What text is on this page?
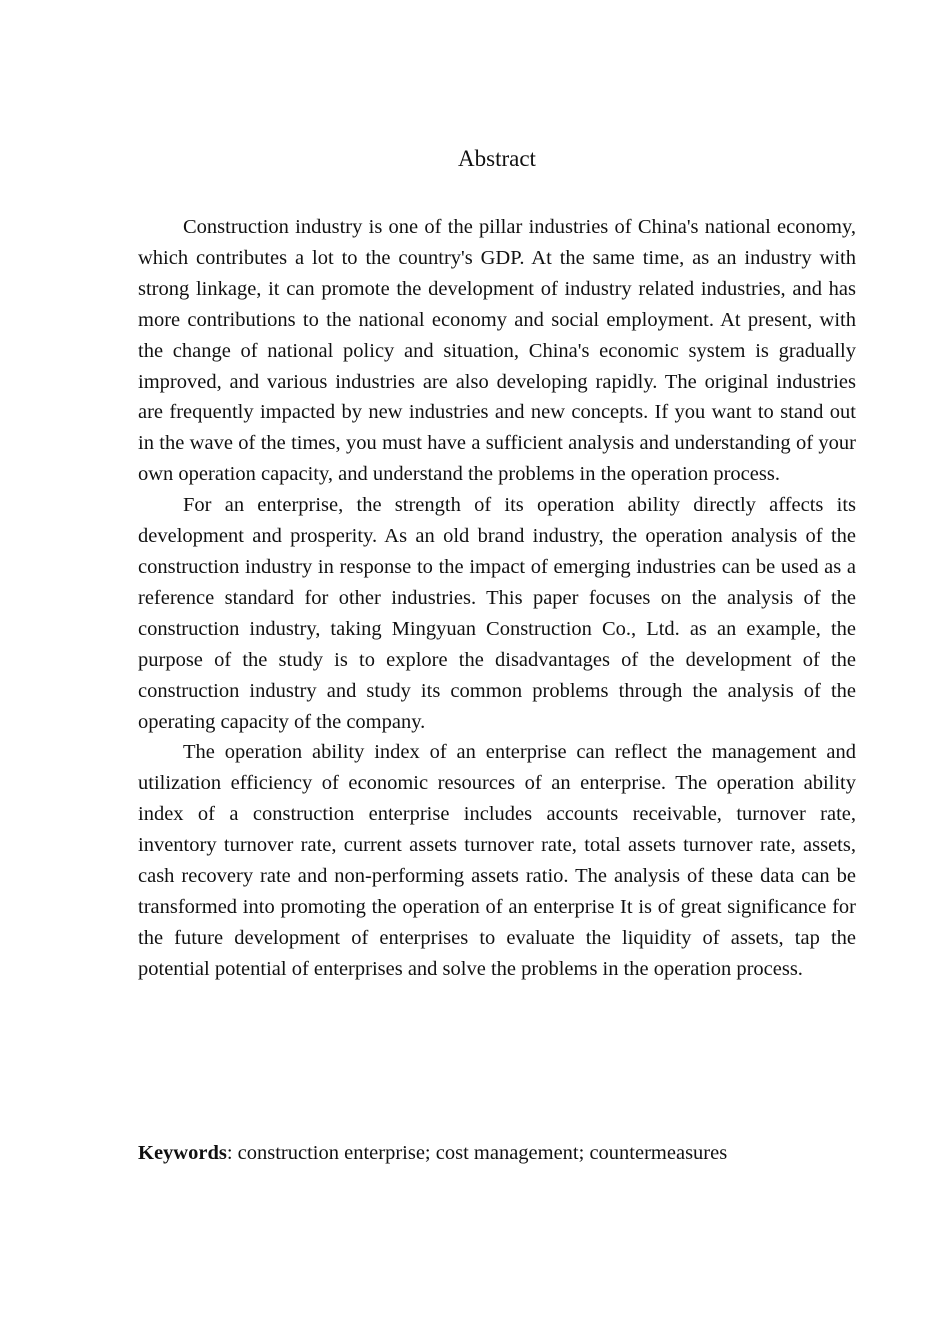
Abstract

Construction industry is one of the pillar industries of China's national economy, which contributes a lot to the country's GDP. At the same time, as an industry with strong linkage, it can promote the development of industry related industries, and has more contributions to the national economy and social employment. At present, with the change of national policy and situation, China's economic system is gradually improved, and various industries are also developing rapidly. The original industries are frequently impacted by new industries and new concepts. If you want to stand out in the wave of the times, you must have a sufficient analysis and understanding of your own operation capacity, and understand the problems in the operation process.

For an enterprise, the strength of its operation ability directly affects its development and prosperity. As an old brand industry, the operation analysis of the construction industry in response to the impact of emerging industries can be used as a reference standard for other industries. This paper focuses on the analysis of the construction industry, taking Mingyuan Construction Co., Ltd. as an example, the purpose of the study is to explore the disadvantages of the development of the construction industry and study its common problems through the analysis of the operating capacity of the company.

The operation ability index of an enterprise can reflect the management and utilization efficiency of economic resources of an enterprise. The operation ability index of a construction enterprise includes accounts receivable, turnover rate, inventory turnover rate, current assets turnover rate, total assets turnover rate, assets, cash recovery rate and non-performing assets ratio. The analysis of these data can be transformed into promoting the operation of an enterprise It is of great significance for the future development of enterprises to evaluate the liquidity of assets, tap the potential potential of enterprises and solve the problems in the operation process.

Keywords: construction enterprise; cost management; countermeasures
